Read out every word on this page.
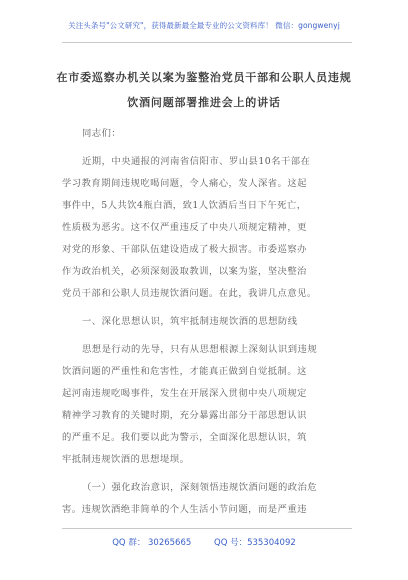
关注头条号"公文研究"，获得最新最全最专业的公文资料库！ 微信：gongwenyj
在市委巡察办机关以案为鉴整治党员干部和公职人员违规
饮酒问题部署推进会上的讲话
同志们：
近期，中央通报的河南省信阳市、罗山县10名干部在
学习教育期间违规吃喝问题，令人痛心，发人深省。这起
事件中，5人共饮4瓶白酒，致1人饮酒后当日下午死亡，
性质极为恶劣。这不仅严重违反了中央八项规定精神，更
对党的形象、干部队伍建设造成了极大损害。市委巡察办
作为政治机关，必须深刻汲取教训，以案为鉴，坚决整治
党员干部和公职人员违规饮酒问题。在此，我讲几点意见。
一、深化思想认识，筑牢抵制违规饮酒的思想防线
思想是行动的先导，只有从思想根源上深刻认识到违规
饮酒问题的严重性和危害性，才能真正做到自觉抵制。这
起河南违规吃喝事件，发生在开展深入贯彻中央八项规定
精神学习教育的关键时期，充分暴露出部分干部思想认识
的严重不足。我们要以此为警示，全面深化思想认识，筑
牢抵制违规饮酒的思想堤坝。
（一）强化政治意识，深刻领悟违规饮酒问题的政治危
害。违规饮酒绝非简单的个人生活小节问题，而是严重违
QQ 群： 30265665	QQ 号：535304092
